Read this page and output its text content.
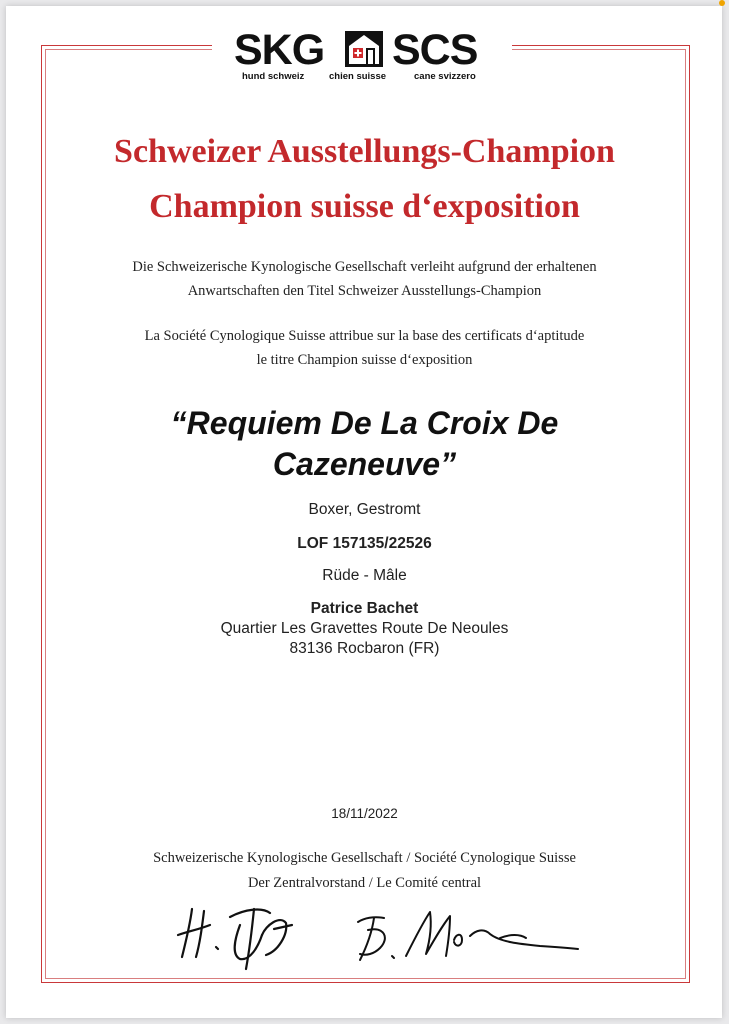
SKG SCS
hund schweiz	chien suisse	cane svizzero
Schweizer Ausstellungs-Champion
Champion suisse d‘exposition
Die Schweizerische Kynologische Gesellschaft verleiht aufgrund der erhaltenen
Anwartschaften den Titel Schweizer Ausstellungs-Champion
La Société Cynologique Suisse attribue sur la base des certificats d‘aptitude
le titre Champion suisse d‘exposition
“Requiem De La Croix De
Cazeneuve”
Boxer, Gestromt
LOF 157135/22526
Rüde - Mâle
Patrice Bachet
Quartier Les Gravettes Route De Neoules
83136 Rocbaron (FR)
18/11/2022
Schweizerische Kynologische Gesellschaft / Société Cynologique Suisse
Der Zentralvorstand / Le Comité central
